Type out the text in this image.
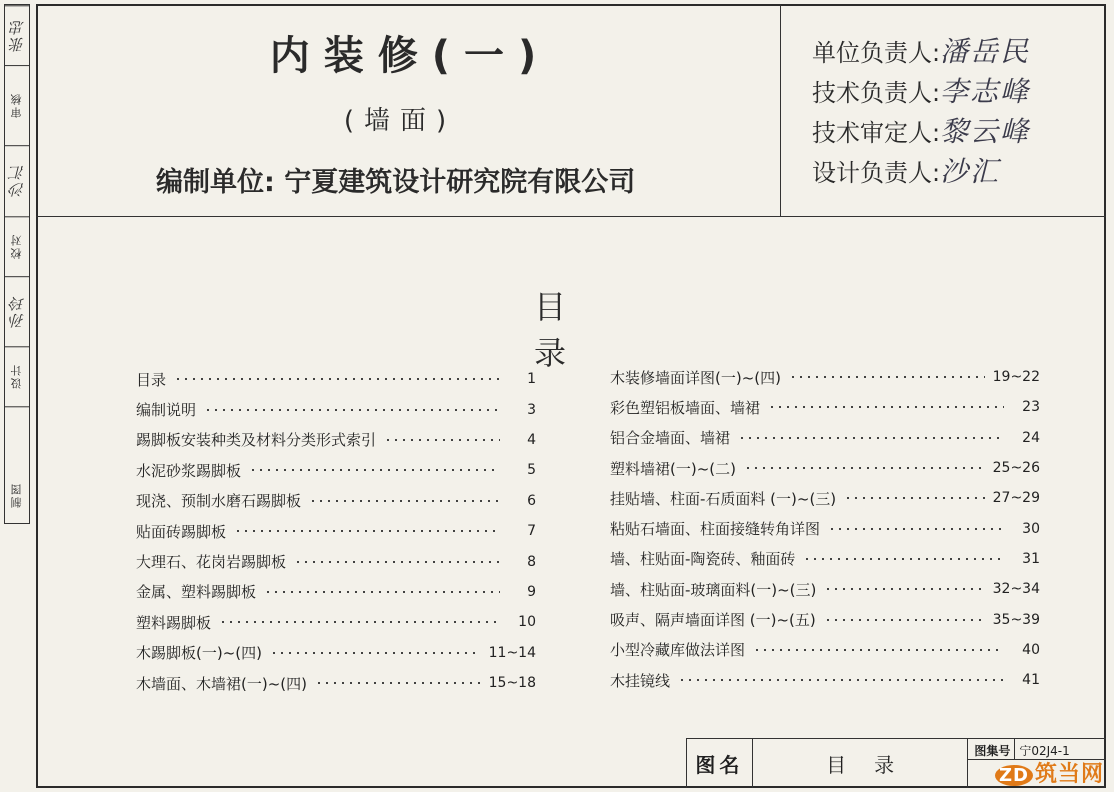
张忠
审核
沙汇
校对
孙玲
设计
制图
内装修(一)
(墙面)
编制单位: 宁夏建筑设计研究院有限公司
单位负责人: 潘岳民
技术负责人: 李志峰
技术审定人: 黎云峰
设计负责人: 沙汇
目录
目录	1
编制说明	3
踢脚板安装种类及材料分类形式索引	4
水泥砂浆踢脚板	5
现浇、预制水磨石踢脚板	6
贴面砖踢脚板	7
大理石、花岗岩踢脚板	8
金属、塑料踢脚板	9
塑料踢脚板	10
木踢脚板(一)~(四)	11~14
木墙面、木墙裙(一)~(四)	15~18
木装修墙面详图(一)~(四)	19~22
彩色塑铝板墙面、墙裙	23
铝合金墙面、墙裙	24
塑料墙裙(一)~(二)	25~26
挂贴墙、柱面-石质面料 (一)~(三)	27~29
粘贴石墙面、柱面接缝转角详图	30
墙、柱贴面-陶瓷砖、釉面砖	31
墙、柱贴面-玻璃面料(一)~(三)	32~34
吸声、隔声墙面详图 (一)~(五)	35~39
小型冷藏库做法详图	40
木挂镜线	41
图名	目录
图集号 宁02J4-1
ZD 筑当网
